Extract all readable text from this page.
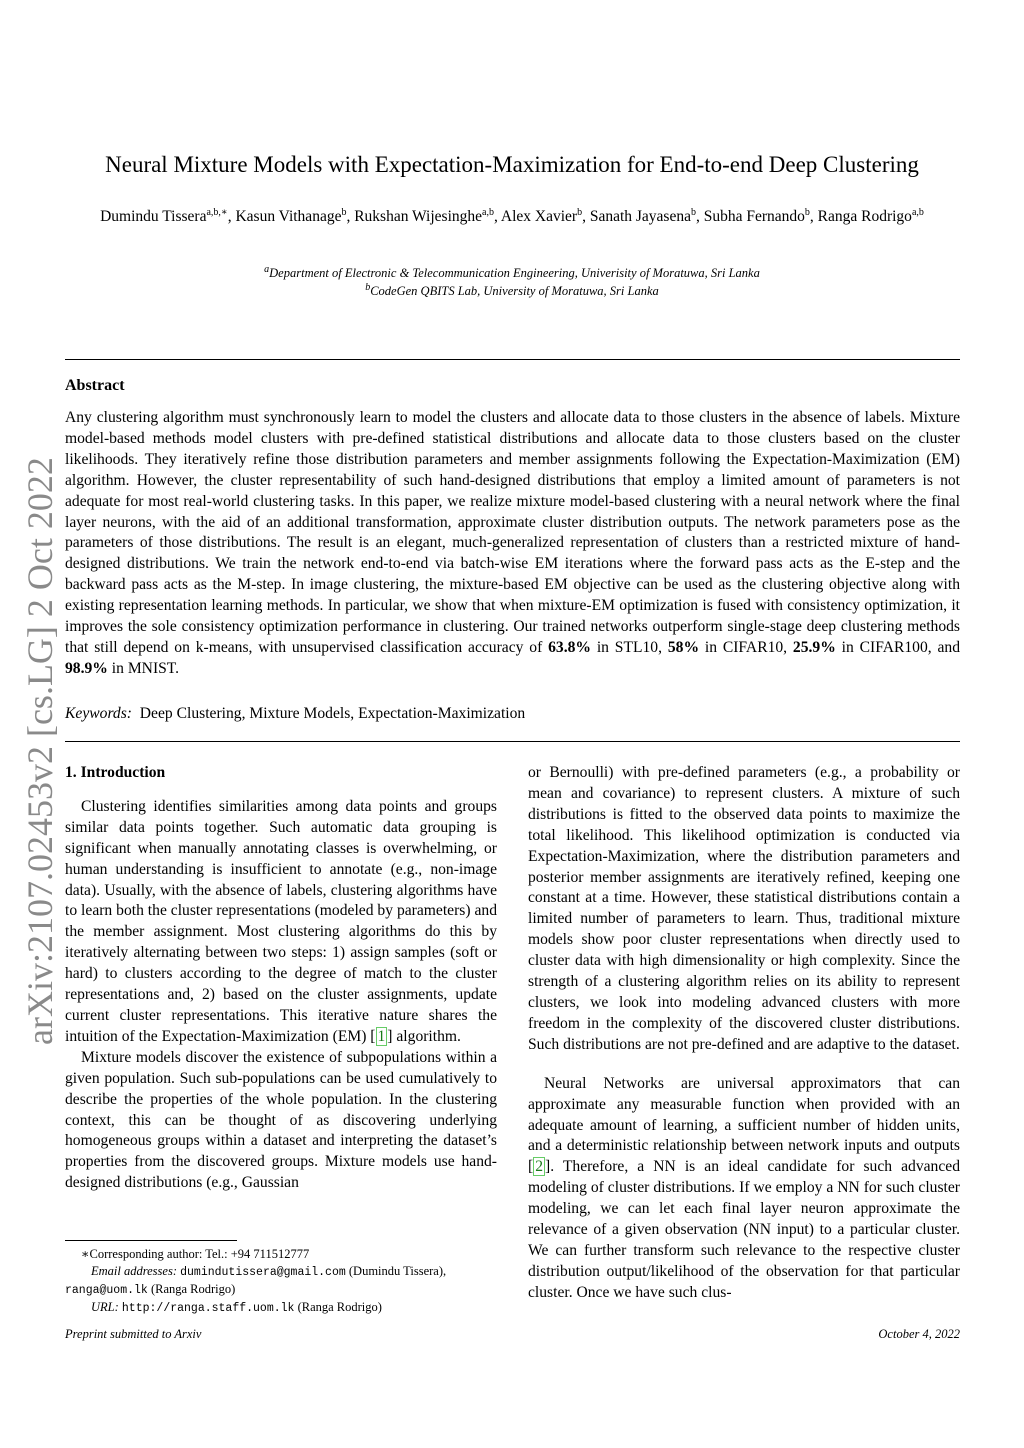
arXiv:2107.02453v2 [cs.LG] 2 Oct 2022
Neural Mixture Models with Expectation-Maximization for End-to-end Deep Clustering
Dumindu Tissera$^{a,b,∗}$, Kasun Vithanage$^b$, Rukshan Wijesinghe$^{a,b}$, Alex Xavier$^b$, Sanath Jayasena$^b$, Subha Fernando$^b$, Ranga Rodrigo$^{a,b}$
$^a$Department of Electronic & Telecommunication Engineering, Univerisity of Moratuwa, Sri Lanka
$^b$CodeGen QBITS Lab, University of Moratuwa, Sri Lanka
Abstract
Any clustering algorithm must synchronously learn to model the clusters and allocate data to those clusters in the absence of labels. Mixture model-based methods model clusters with pre-defined statistical distributions and allocate data to those clusters based on the cluster likelihoods. They iteratively refine those distribution parameters and member assignments following the Expectation-Maximization (EM) algorithm. However, the cluster representability of such hand-designed distributions that employ a limited amount of parameters is not adequate for most real-world clustering tasks. In this paper, we realize mixture model-based clustering with a neural network where the final layer neurons, with the aid of an additional transformation, approximate cluster distribution outputs. The network parameters pose as the parameters of those distributions. The result is an elegant, much-generalized representation of clusters than a restricted mixture of hand-designed distributions. We train the network end-to-end via batch-wise EM iterations where the forward pass acts as the E-step and the backward pass acts as the M-step. In image clustering, the mixture-based EM objective can be used as the clustering objective along with existing representation learning methods. In particular, we show that when mixture-EM optimization is fused with consistency optimization, it improves the sole consistency optimization performance in clustering. Our trained networks outperform single-stage deep clustering methods that still depend on k-means, with unsupervised classification accuracy of 63.8% in STL10, 58% in CIFAR10, 25.9% in CIFAR100, and 98.9% in MNIST.
Keywords: Deep Clustering, Mixture Models, Expectation-Maximization
1. Introduction

Clustering identifies similarities among data points and groups similar data points together. Such automatic data grouping is significant when manually annotating classes is overwhelming, or human understanding is insufficient to annotate (e.g., non-image data). Usually, with the absence of labels, clustering algorithms have to learn both the cluster representations (modeled by parameters) and the member assignment. Most clustering algorithms do this by iteratively alternating between two steps: 1) assign samples (soft or hard) to clusters according to the degree of match to the cluster representations and, 2) based on the cluster assignments, update current cluster representations. This iterative nature shares the intuition of the Expectation-Maximization (EM) [ 1 ] algorithm.

Mixture models discover the existence of subpopulations within a given population. Such sub-populations can be used cumulatively to describe the properties of the whole population. In the clustering context, this can be thought of as discovering underlying homogeneous groups within a dataset and interpreting the dataset’s properties from the discovered groups. Mixture models use hand-designed distributions (e.g., Gaussian

or Bernoulli) with pre-defined parameters (e.g., a probability or mean and covariance) to represent clusters. A mixture of such distributions is fitted to the observed data points to maximize the total likelihood. This likelihood optimization is conducted via Expectation-Maximization, where the distribution parameters and posterior member assignments are iteratively refined, keeping one constant at a time. However, these statistical distributions contain a limited number of parameters to learn. Thus, traditional mixture models show poor cluster representations when directly used to cluster data with high dimensionality or high complexity. Since the strength of a clustering algorithm relies on its ability to represent clusters, we look into modeling advanced clusters with more freedom in the complexity of the discovered cluster distributions. Such distributions are not pre-defined and are adaptive to the dataset.

Neural Networks are universal approximators that can approximate any measurable function when provided with an adequate amount of learning, a sufficient number of hidden units, and a deterministic relationship between network inputs and outputs [ 2 ]. Therefore, a NN is an ideal candidate for such advanced modeling of cluster distributions. If we employ a NN for such cluster modeling, we can let each final layer neuron approximate the relevance of a given observation (NN input) to a particular cluster. We can further transform such relevance to the respective cluster distribution output/likelihood of the observation for that particular cluster. Once we have such clus-

∗Corresponding author: Tel.: +94 711512777
Email addresses: dumindutissera@gmail.com (Dumindu Tissera), ranga@uom.lk (Ranga Rodrigo)
URL: http://ranga.staff.uom.lk (Ranga Rodrigo)
Preprint submitted to Arxiv	October 4, 2022
